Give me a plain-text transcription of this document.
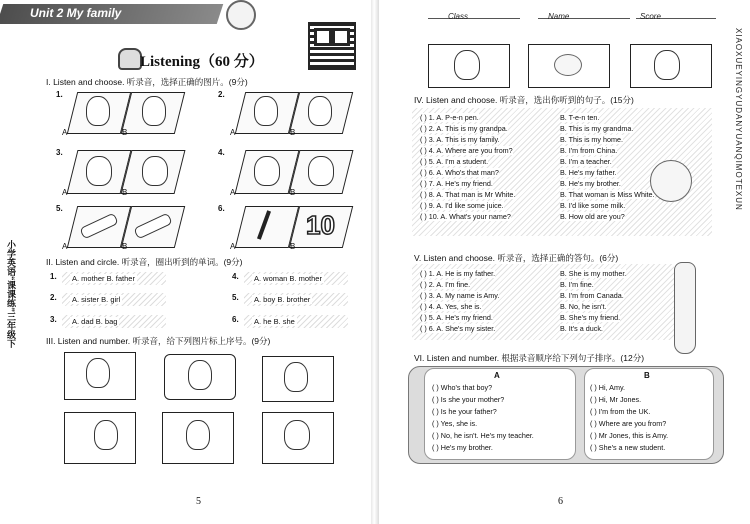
Unit 2 My family
Listening（60 分）
I. Listen and choose. 听录音，选择正确的图片。(9分)
1.
A	B
2.
A	B
3.
A	B
4.
A	B
5.
A	B
6.
10
A	B
II. Listen and circle. 听录音，圈出听到的单词。(9分)
1.	A. mother B. father
2.	A. sister B. girl
3.	A. dad B. bag
4.	A. woman B. mother
5.	A. boy B. brother
6.	A. he B. she
III. Listen and number. 听录音，给下列图片标上序号。(9分)
小学英语“课课练”三年级下
5
Class	Name	Score
XIAOXUEYINGYUDANYUANQIMOTEXUN
IV. Listen and choose. 听录音，选出你听到的句子。(15分)
( ) 1. A. P-e-n pen.	B. T-e-n ten.
( ) 2. A. This is my grandpa.	B. This is my grandma.
( ) 3. A. This is my family.	B. This is my home.
( ) 4. A. Where are you from?	B. I'm from China.
( ) 5. A. I'm a student.	B. I'm a teacher.
( ) 6. A. Who's that man?	B. He's my father.
( ) 7. A. He's my friend.	B. He's my brother.
( ) 8. A. That man is Mr White.	B. That woman is Miss White.
( ) 9. A. I'd like some juice.	B. I'd like some milk.
( ) 10. A. What's your name?	B. How old are you?
V. Listen and choose. 听录音，选择正确的答句。(6分)
( ) 1. A. He is my father.	B. She is my mother.
( ) 2. A. I'm fine.	B. I'm fine.
( ) 3. A. My name is Amy.	B. I'm from Canada.
( ) 4. A. Yes, she is.	B. No, he isn't.
( ) 5. A. He's my friend.	B. She's my friend.
( ) 6. A. She's my sister.	B. It's a duck.
VI. Listen and number. 根据录音顺序给下列句子排序。(12分)
A	B
( ) Who's that boy?
( ) Is she your mother?
( ) Is he your father?
( ) Yes, she is.
( ) No, he isn't. He's my teacher.
( ) He's my brother.
( ) Hi, Amy.
( ) Hi, Mr Jones.
( ) I'm from the UK.
( ) Where are you from?
( ) Mr Jones, this is Amy.
( ) She's a new student.
6
